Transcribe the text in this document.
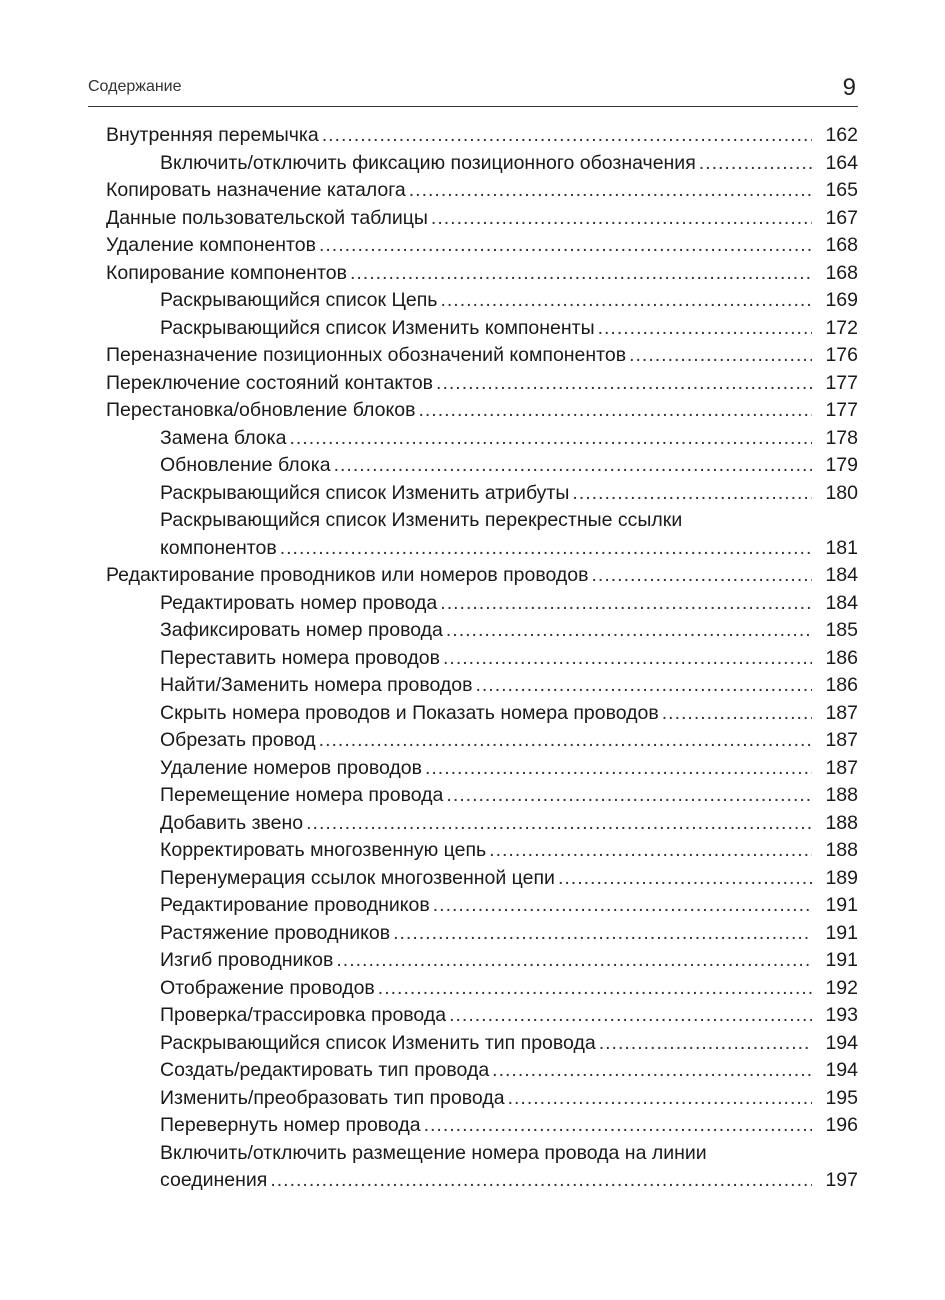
Содержание	9
Внутренняя перемычка .....	162
Включить/отключить фиксацию позиционного обозначения .....	164
Копировать назначение каталога .....	165
Данные пользовательской таблицы .....	167
Удаление компонентов .....	168
Копирование компонентов .....	168
Раскрывающийся список Цепь .....	169
Раскрывающийся список Изменить компоненты .....	172
Переназначение позиционных обозначений компонентов .....	176
Переключение состояний контактов .....	177
Перестановка/обновление блоков .....	177
Замена блока .....	178
Обновление блока .....	179
Раскрывающийся список Изменить атрибуты .....	180
Раскрывающийся список Изменить перекрестные ссылки
компонентов .....	181
Редактирование проводников или номеров проводов .....	184
Редактировать номер провода .....	184
Зафиксировать номер провода .....	185
Переставить номера проводов .....	186
Найти/Заменить номера проводов .....	186
Скрыть номера проводов и Показать номера проводов .....	187
Обрезать провод .....	187
Удаление номеров проводов .....	187
Перемещение номера провода .....	188
Добавить звено .....	188
Корректировать многозвенную цепь .....	188
Перенумерация ссылок многозвенной цепи .....	189
Редактирование проводников .....	191
Растяжение проводников .....	191
Изгиб проводников .....	191
Отображение проводов .....	192
Проверка/трассировка провода .....	193
Раскрывающийся список Изменить тип провода .....	194
Создать/редактировать тип провода .....	194
Изменить/преобразовать тип провода .....	195
Перевернуть номер провода .....	196
Включить/отключить размещение номера провода на линии
соединения .....	197
